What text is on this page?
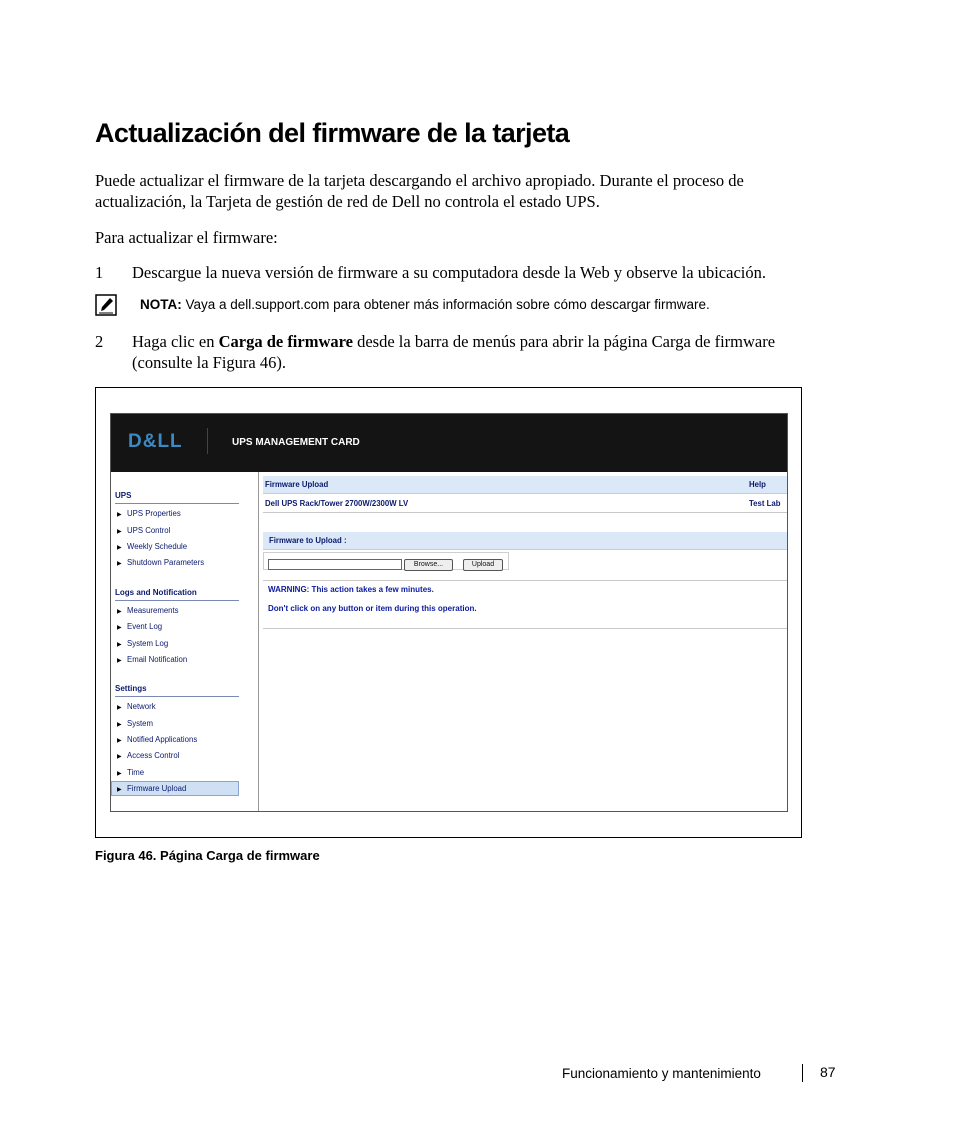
Actualización del firmware de la tarjeta

Puede actualizar el firmware de la tarjeta descargando el archivo apropiado. Durante el proceso de actualización, la Tarjeta de gestión de red de Dell no controla el estado UPS.

Para actualizar el firmware:

1 Descargue la nueva versión de firmware a su computadora desde la Web y observe la ubicación.
NOTA: Vaya a dell.support.com para obtener más información sobre cómo descargar firmware.
2 Haga clic en Carga de firmware desde la barra de menús para abrir la página Carga de firmware (consulte la Figura 46).
D&LL	UPS MANAGEMENT CARD
UPS
▶ UPS Properties
▶ UPS Control
▶ Weekly Schedule
▶ Shutdown Parameters
Logs and Notification
▶ Measurements
▶ Event Log
▶ System Log
▶ Email Notification
Settings
▶ Network
▶ System
▶ Notified Applications
▶ Access Control
▶ Time
▶ Firmware Upload
Firmware Upload	Help
Dell UPS Rack/Tower 2700W/2300W LV	Test Lab
Firmware to Upload :
Browse...	Upload
WARNING: This action takes a few minutes.
Don't click on any button or item during this operation.
Figura 46. Página Carga de firmware
Funcionamiento y mantenimiento	87
